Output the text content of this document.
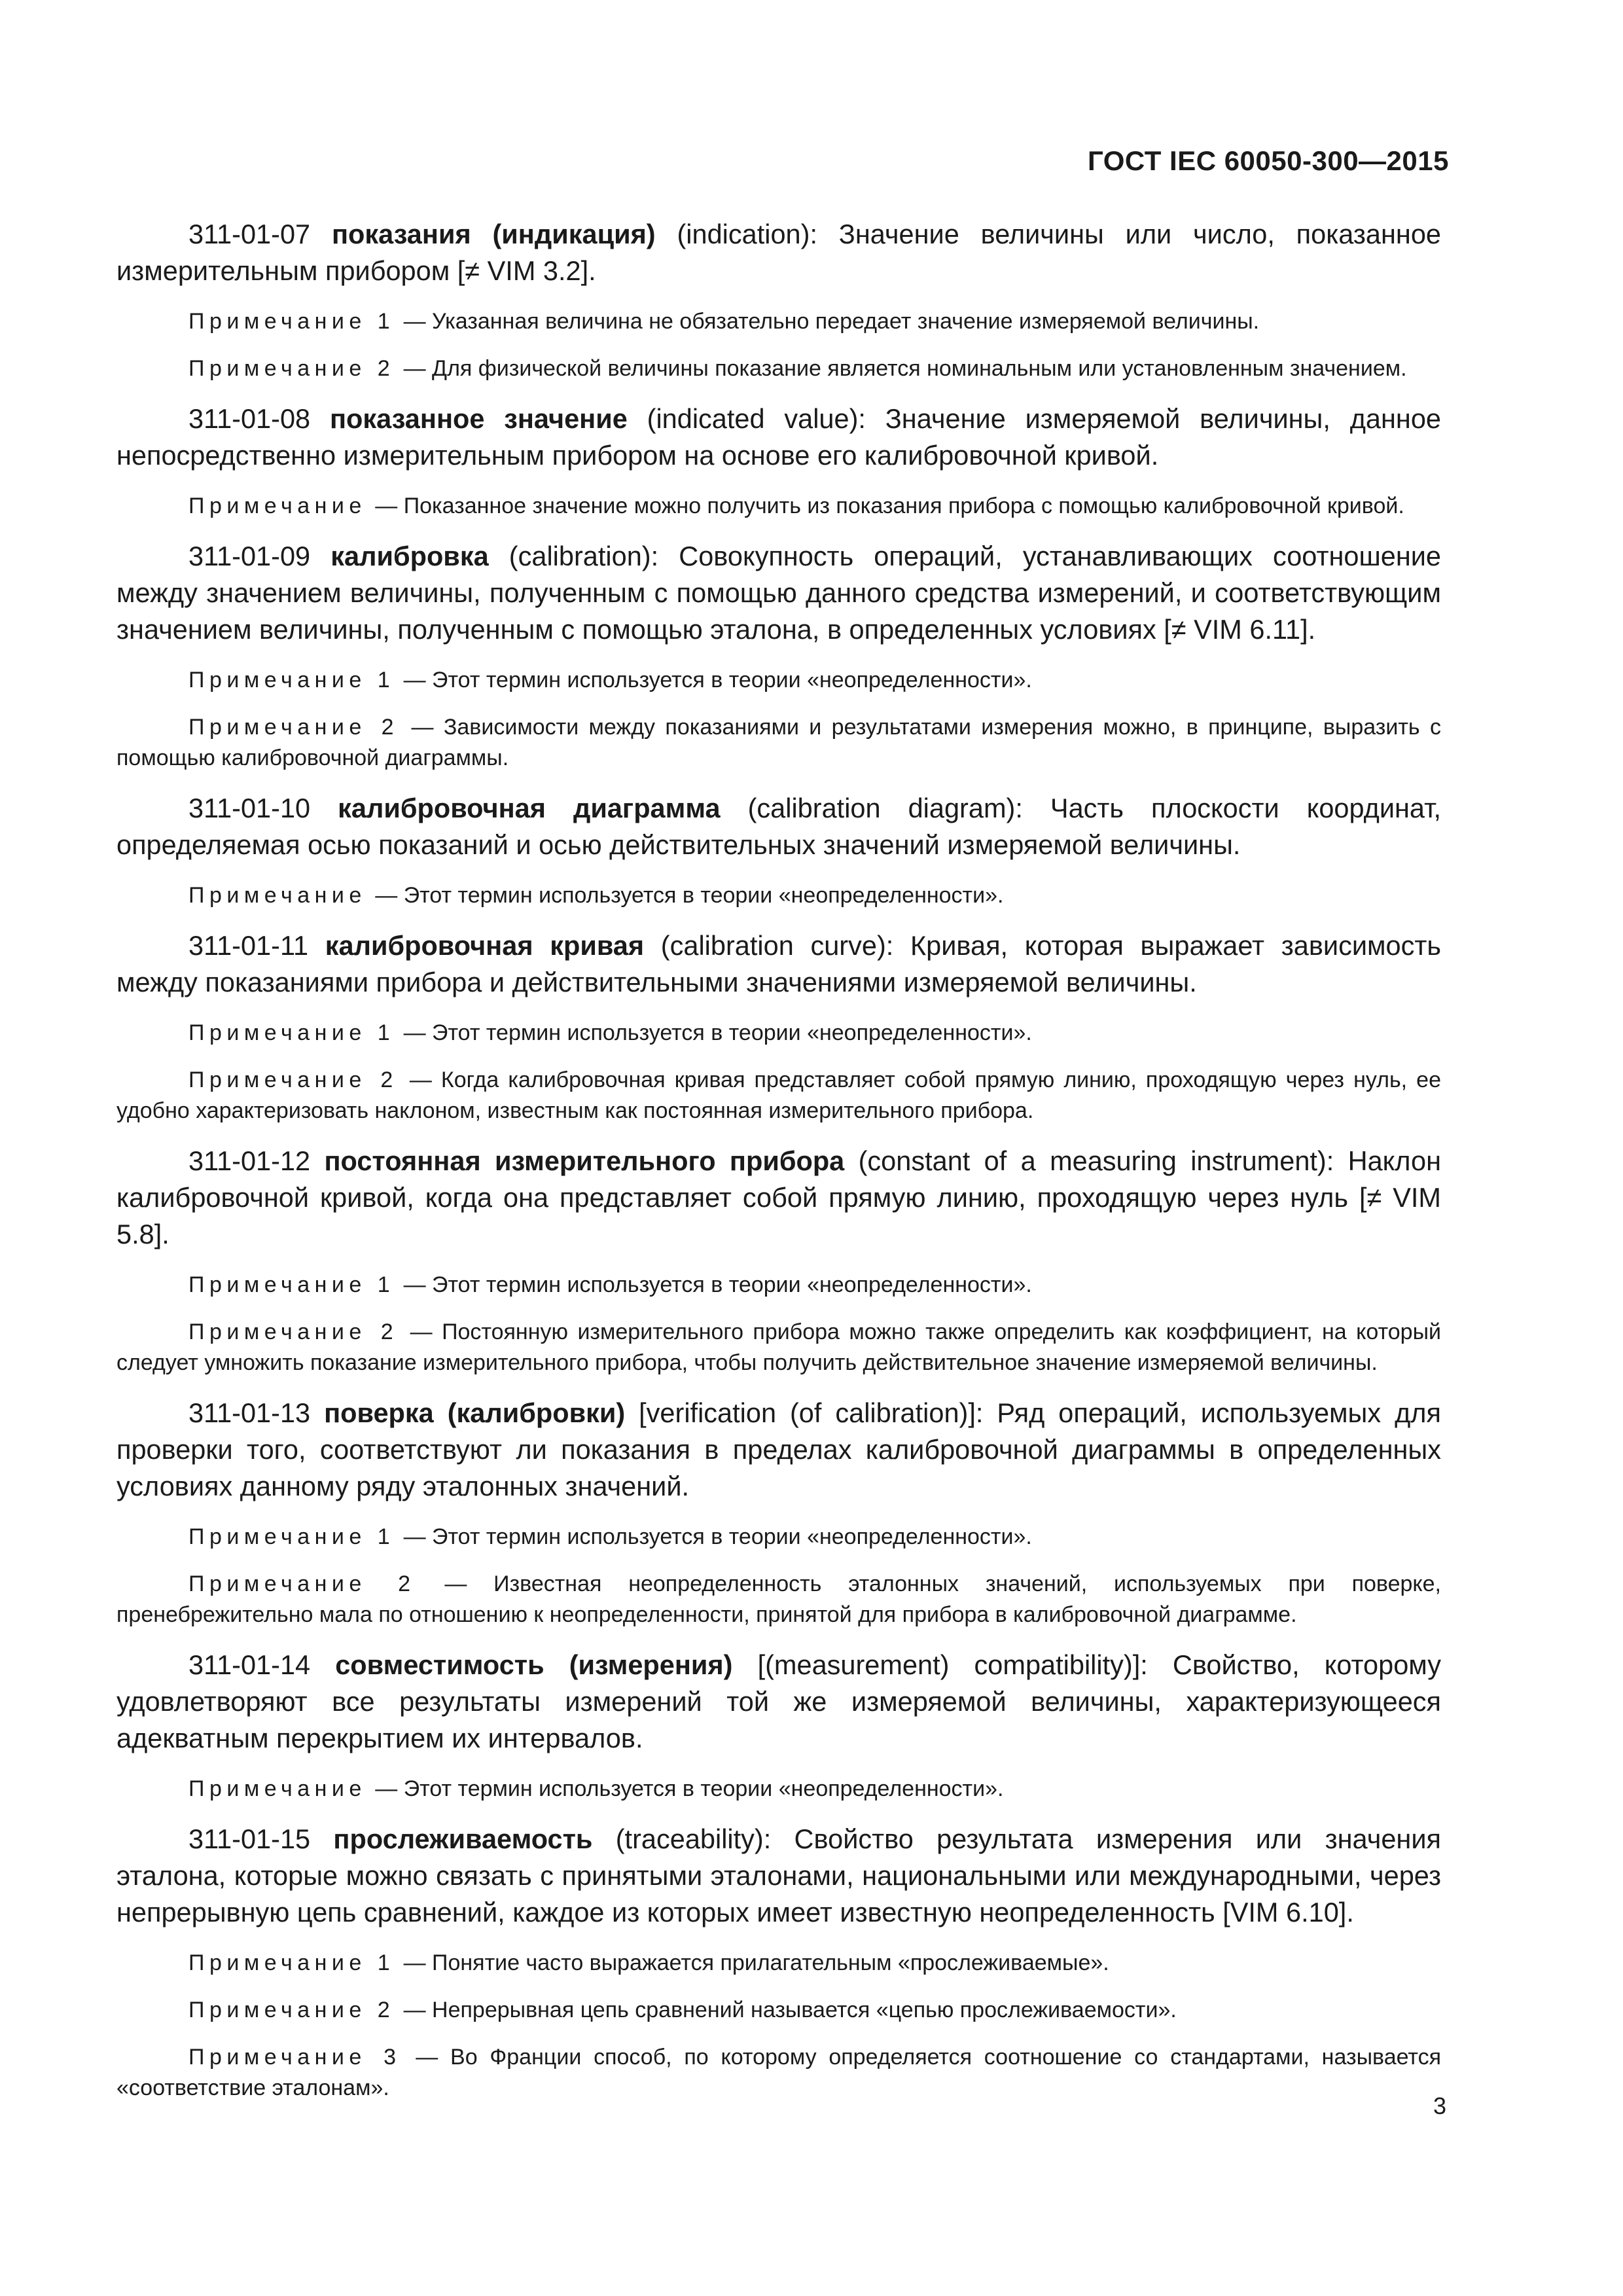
ГОСТ IEC 60050-300—2015

311-01-07 показания (индикация) (indication): Значение величины или число, показанное измерительным прибором [≠ VIM 3.2].

Примечание 1 — Указанная величина не обязательно передает значение измеряемой величины.

Примечание 2 — Для физической величины показание является номинальным или установленным значением.

311-01-08 показанное значение (indicated value): Значение измеряемой величины, данное непосредственно измерительным прибором на основе его калибровочной кривой.

Примечание — Показанное значение можно получить из показания прибора с помощью калибровочной кривой.

311-01-09 калибровка (calibration): Совокупность операций, устанавливающих соотношение между значением величины, полученным с помощью данного средства измерений, и соответствующим значением величины, полученным с помощью эталона, в определенных условиях [≠ VIM 6.11].

Примечание 1 — Этот термин используется в теории «неопределенности».

Примечание 2 — Зависимости между показаниями и результатами измерения можно, в принципе, выразить с помощью калибровочной диаграммы.

311-01-10 калибровочная диаграмма (calibration diagram): Часть плоскости координат, определяемая осью показаний и осью действительных значений измеряемой величины.

Примечание — Этот термин используется в теории «неопределенности».

311-01-11 калибровочная кривая (calibration curve): Кривая, которая выражает зависимость между показаниями прибора и действительными значениями измеряемой величины.

Примечание 1 — Этот термин используется в теории «неопределенности».

Примечание 2 — Когда калибровочная кривая представляет собой прямую линию, проходящую через нуль, ее удобно характеризовать наклоном, известным как постоянная измерительного прибора.

311-01-12 постоянная измерительного прибора (constant of a measuring instrument): Наклон калибровочной кривой, когда она представляет собой прямую линию, проходящую через нуль [≠ VIM 5.8].

Примечание 1 — Этот термин используется в теории «неопределенности».

Примечание 2 — Постоянную измерительного прибора можно также определить как коэффициент, на который следует умножить показание измерительного прибора, чтобы получить действительное значение измеряемой величины.

311-01-13 поверка (калибровки) [verification (of calibration)]: Ряд операций, используемых для проверки того, соответствуют ли показания в пределах калибровочной диаграммы в определенных условиях данному ряду эталонных значений.

Примечание 1 — Этот термин используется в теории «неопределенности».

Примечание 2 — Известная неопределенность эталонных значений, используемых при поверке, пренебрежительно мала по отношению к неопределенности, принятой для прибора в калибровочной диаграмме.

311-01-14 совместимость (измерения) [(measurement) compatibility)]: Свойство, которому удовлетворяют все результаты измерений той же измеряемой величины, характеризующееся адекватным перекрытием их интервалов.

Примечание — Этот термин используется в теории «неопределенности».

311-01-15 прослеживаемость (traceability): Свойство результата измерения или значения эталона, которые можно связать с принятыми эталонами, национальными или международными, через непрерывную цепь сравнений, каждое из которых имеет известную неопределенность [VIM 6.10].

Примечание 1 — Понятие часто выражается прилагательным «прослеживаемые».

Примечание 2 — Непрерывная цепь сравнений называется «цепью прослеживаемости».

Примечание 3 — Во Франции способ, по которому определяется соотношение со стандартами, называется «соответствие эталонам».

3
